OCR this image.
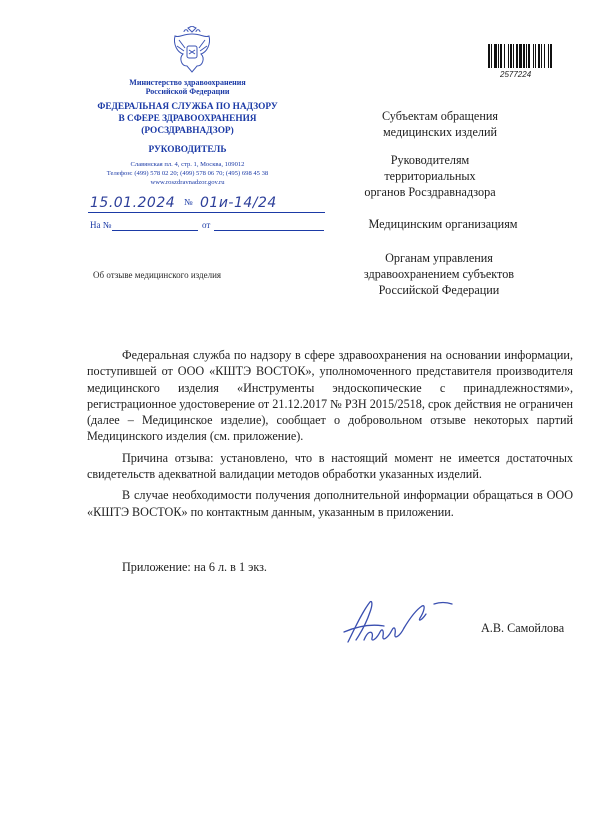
Министерство здравоохранения
Российской Федерации
ФЕДЕРАЛЬНАЯ СЛУЖБА ПО НАДЗОРУ
В СФЕРЕ ЗДРАВООХРАНЕНИЯ
(РОСЗДРАВНАДЗОР)
РУКОВОДИТЕЛЬ
Славянская пл. 4, стр. 1, Москва, 109012
Телефон: (499) 578 02 20; (499) 578 06 70; (495) 698 45 38
www.roszdravnadzor.gov.ru
15.01.2024 № 01и-14/24
На №	от
Об отзыве медицинского изделия
2577224
Субъектам обращения
медицинских изделий
Руководителям
территориальных
органов Росздравнадзора
Медицинским организациям
Органам управления
здравоохранением субъектов
Российской Федерации

Федеральная служба по надзору в сфере здравоохранения на основании информации, поступившей от ООО «КШТЭ ВОСТОК», уполномоченного представителя производителя медицинского изделия «Инструменты эндоскопические с принадлежностями», регистрационное удостоверение от 21.12.2017 № РЗН 2015/2518, срок действия не ограничен (далее – Медицинское изделие), сообщает о добровольном отзыве некоторых партий Медицинского изделия (см. приложение).

Причина отзыва: установлено, что в настоящий момент не имеется достаточных свидетельств адекватной валидации методов обработки указанных изделий.

В случае необходимости получения дополнительной информации обращаться в ООО «КШТЭ ВОСТОК» по контактным данным, указанным в приложении.

Приложение: на 6 л. в 1 экз.
А.В. Самойлова
